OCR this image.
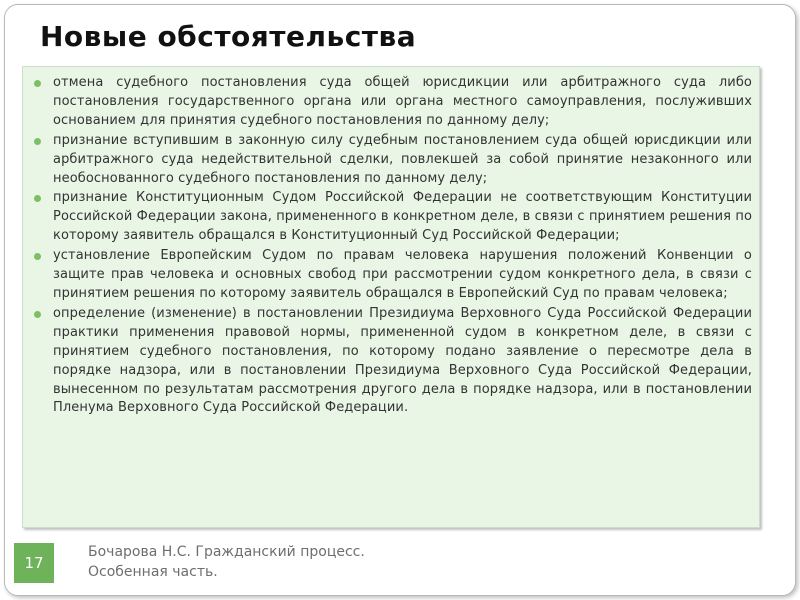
Новые обстоятельства
отмена судебного постановления суда общей юрисдикции или арбитражного суда либо постановления государственного органа или органа местного самоуправления, послуживших основанием для принятия судебного постановления по данному делу;
признание вступившим в законную силу судебным постановлением суда общей юрисдикции или арбитражного суда недействительной сделки, повлекшей за собой принятие незаконного или необоснованного судебного постановления по данному делу;
признание Конституционным Судом Российской Федерации не соответствующим Конституции Российской Федерации закона, примененного в конкретном деле, в связи с принятием решения по которому заявитель обращался в Конституционный Суд Российской Федерации;
установление Европейским Судом по правам человека нарушения положений Конвенции о защите прав человека и основных свобод при рассмотрении судом конкретного дела, в связи с принятием решения по которому заявитель обращался в Европейский Суд по правам человека;
определение (изменение) в постановлении Президиума Верховного Суда Российской Федерации практики применения правовой нормы, примененной судом в конкретном деле, в связи с принятием судебного постановления, по которому подано заявление о пересмотре дела в порядке надзора, или в постановлении Президиума Верховного Суда Российской Федерации, вынесенном по результатам рассмотрения другого дела в порядке надзора, или в постановлении Пленума Верховного Суда Российской Федерации.
17
Бочарова Н.С. Гражданский процесс.
Особенная часть.
